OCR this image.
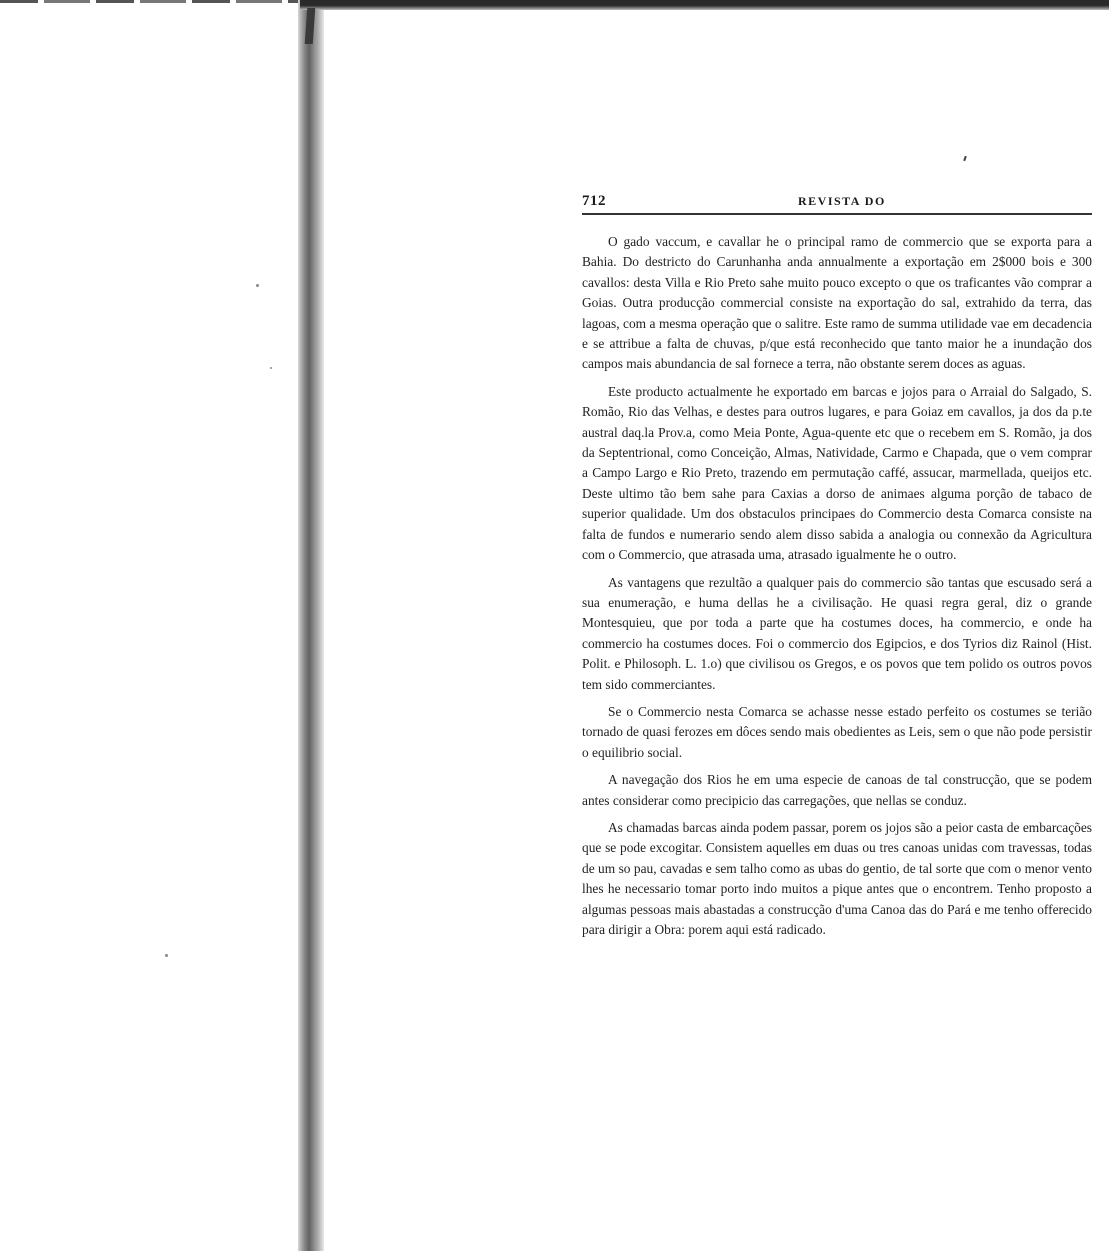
712	REVISTA DO

O gado vaccum, e cavallar he o principal ramo de commercio que se exporta para a Bahia. Do destricto do Carunhanha anda annualmente a exportação em 2$000 bois e 300 cavallos: desta Villa e Rio Preto sahe muito pouco excepto o que os traficantes vão comprar a Goias. Outra producção commercial consiste na exportação do sal, extrahido da terra, das lagoas, com a mesma operação que o salitre. Este ramo de summa utilidade vae em decadencia e se attribue a falta de chuvas, p/que está reconhecido que tanto maior he a inundação dos campos mais abundancia de sal fornece a terra, não obstante serem doces as aguas.

Este producto actualmente he exportado em barcas e jojos para o Arraial do Salgado, S. Romão, Rio das Velhas, e destes para outros lugares, e para Goiaz em cavallos, ja dos da p.te austral daq.la Prov.a, como Meia Ponte, Agua-quente etc que o recebem em S. Romão, ja dos da Septentrional, como Conceição, Almas, Natividade, Carmo e Chapada, que o vem comprar a Campo Largo e Rio Preto, trazendo em permutação caffé, assucar, marmellada, queijos etc. Deste ultimo tão bem sahe para Caxias a dorso de animaes alguma porção de tabaco de superior qualidade. Um dos obstaculos principaes do Commercio desta Comarca consiste na falta de fundos e numerario sendo alem disso sabida a analogia ou connexão da Agricultura com o Commercio, que atrasada uma, atrasado igualmente he o outro.

As vantagens que rezultão a qualquer pais do commercio são tantas que escusado será a sua enumeração, e huma dellas he a civilisação. He quasi regra geral, diz o grande Montesquieu, que por toda a parte que ha costumes doces, ha commercio, e onde ha commercio ha costumes doces. Foi o commercio dos Egipcios, e dos Tyrios diz Rainol (Hist. Polit. e Philosoph. L. 1.o) que civilisou os Gregos, e os povos que tem polido os outros povos tem sido commerciantes.

Se o Commercio nesta Comarca se achasse nesse estado perfeito os costumes se terião tornado de quasi ferozes em dôces sendo mais obedientes as Leis, sem o que não pode persistir o equilibrio social.

A navegação dos Rios he em uma especie de canoas de tal construcção, que se podem antes considerar como precipicio das carregações, que nellas se conduz.

As chamadas barcas ainda podem passar, porem os jojos são a peior casta de embarcações que se pode excogitar. Consistem aquelles em duas ou tres canoas unidas com travessas, todas de um so pau, cavadas e sem talho como as ubas do gentio, de tal sorte que com o menor vento lhes he necessario tomar porto indo muitos a pique antes que o encontrem. Tenho proposto a algumas pessoas mais abastadas a construcção d'uma Canoa das do Pará e me tenho offerecido para dirigir a Obra: porem aqui está radicado.
